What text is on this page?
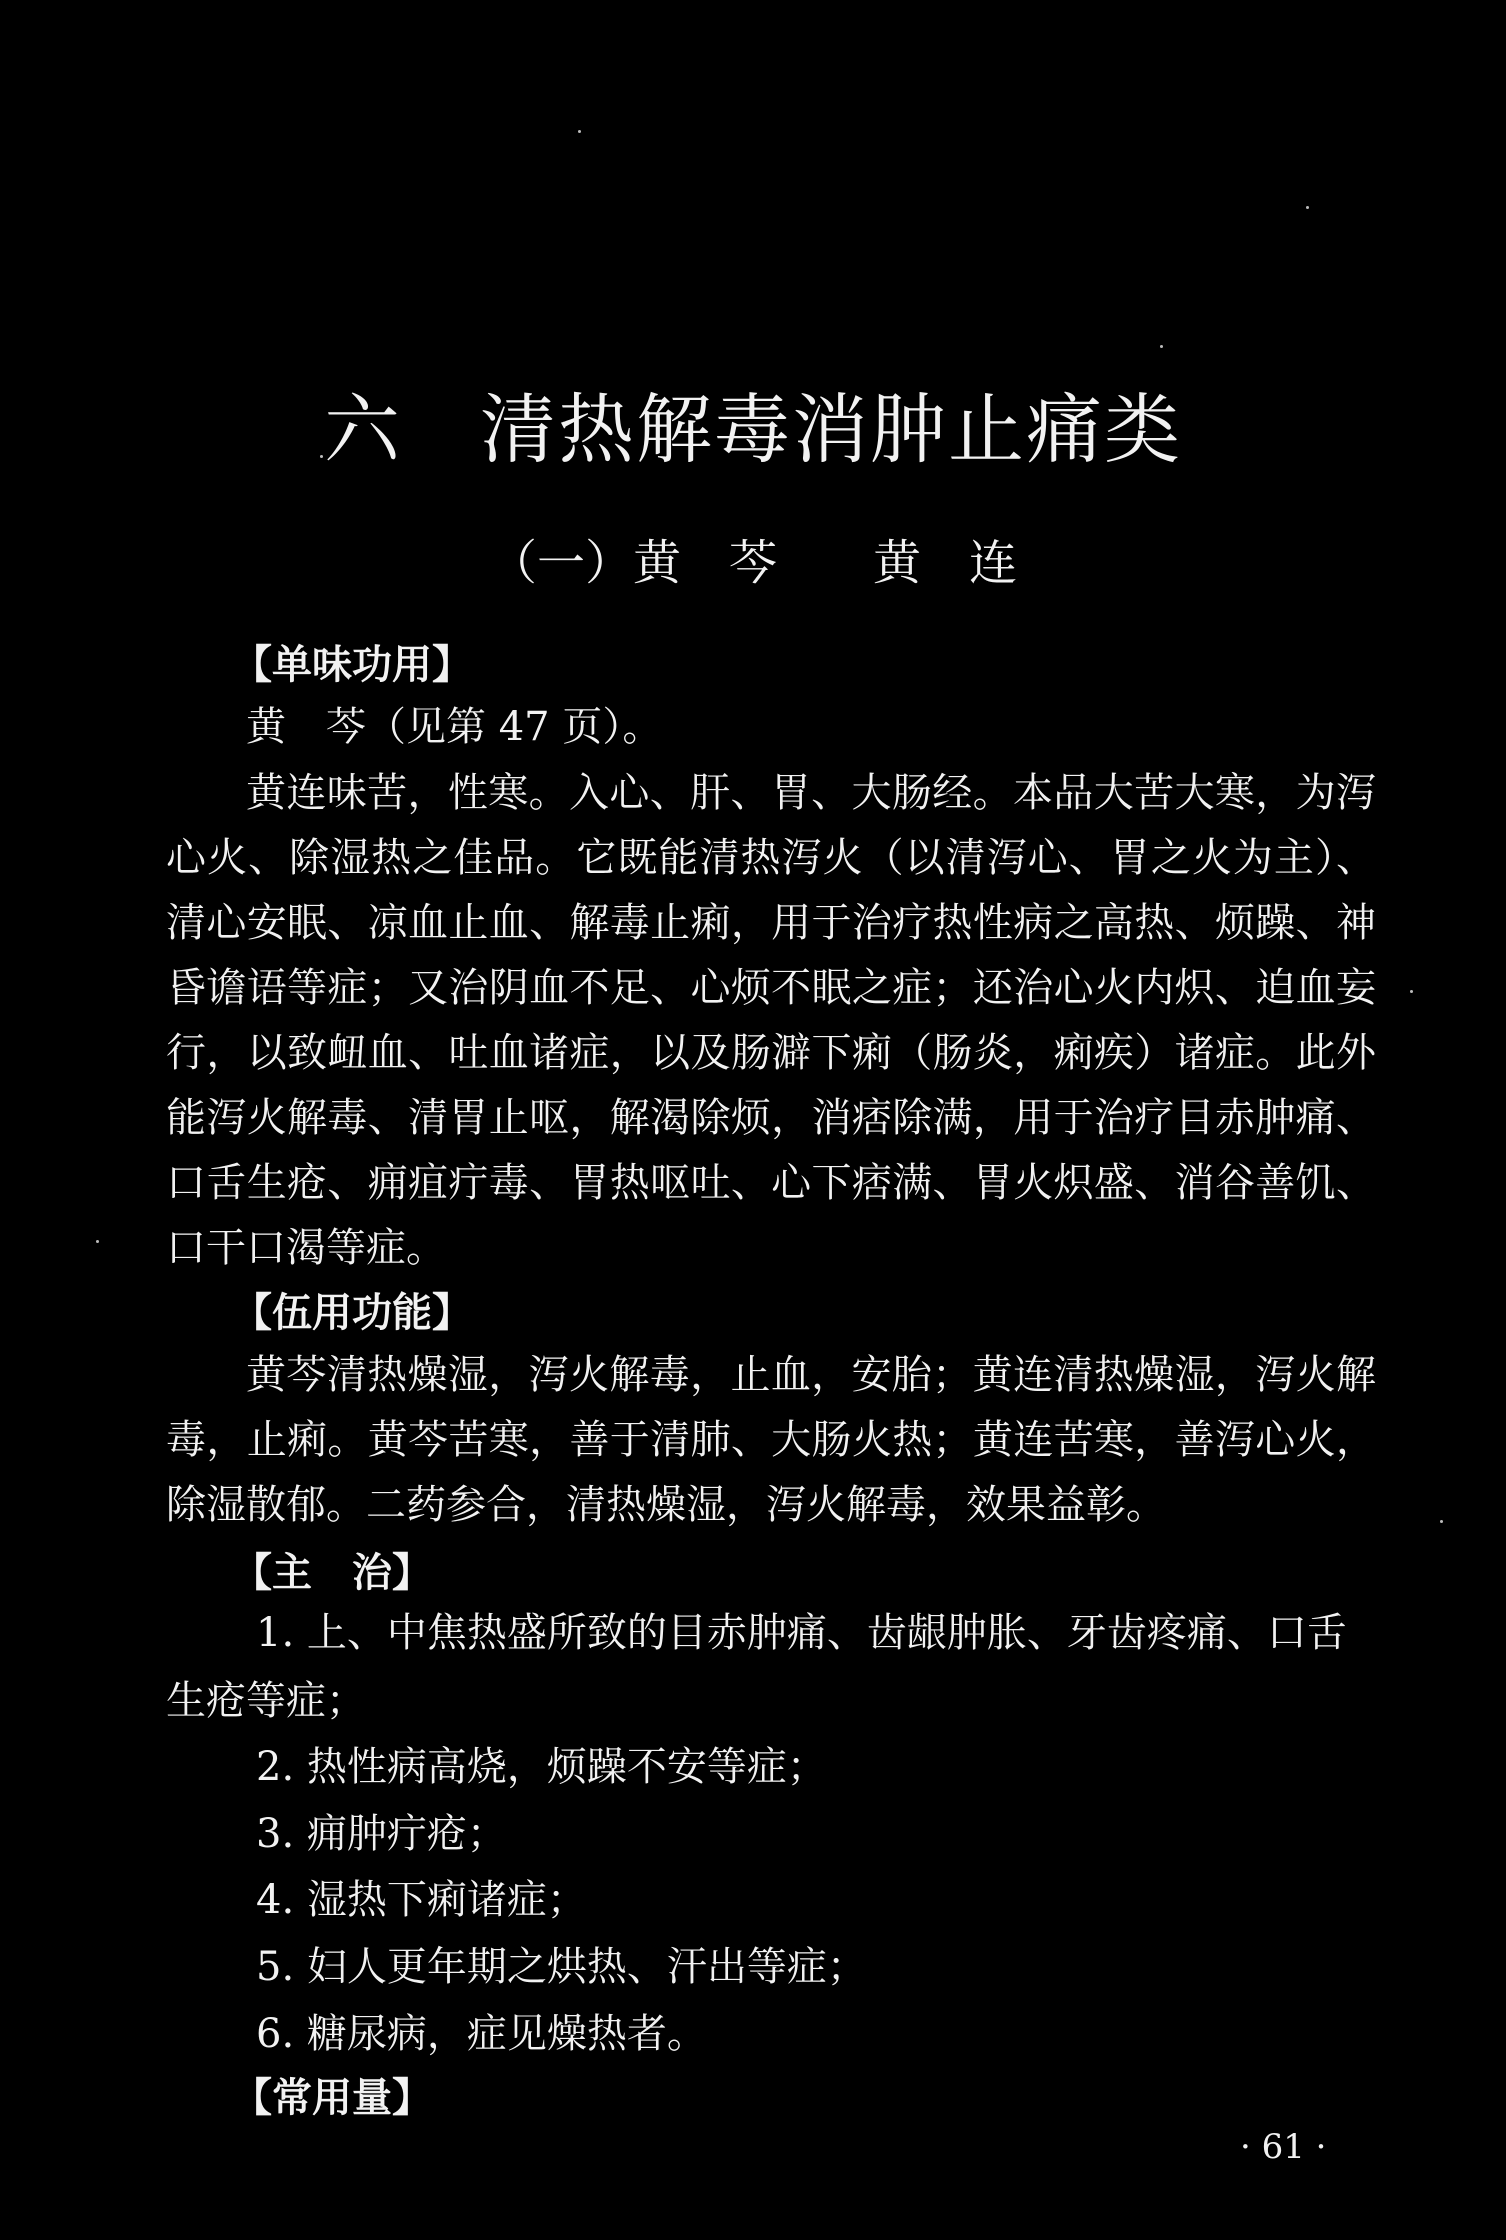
六　清热解毒消肿止痛类
（一）黄　芩　　黄　连
【单味功用】
黄　芩（见第 47 页）。
黄连味苦，性寒。入心、肝、胃、大肠经。本品大苦大寒，为泻心火、除湿热之佳品。它既能清热泻火（以清泻心、胃之火为主）、清心安眠、凉血止血、解毒止痢，用于治疗热性病之高热、烦躁、神昏谵语等症；又治阴血不足、心烦不眠之症；还治心火内炽、迫血妄行，以致衄血、吐血诸症，以及肠澼下痢（肠炎，痢疾）诸症。此外能泻火解毒、清胃止呕，解渴除烦，消痞除满，用于治疗目赤肿痛、口舌生疮、痈疽疔毒、胃热呕吐、心下痞满、胃火炽盛、消谷善饥、口干口渴等症。
【伍用功能】
黄芩清热燥湿，泻火解毒，止血，安胎；黄连清热燥湿，泻火解毒，止痢。黄芩苦寒，善于清肺、大肠火热；黄连苦寒，善泻心火，除湿散郁。二药参合，清热燥湿，泻火解毒，效果益彰。
【主　治】
1. 上、中焦热盛所致的目赤肿痛、齿龈肿胀、牙齿疼痛、口舌生疮等症；
2. 热性病高烧，烦躁不安等症；
3. 痈肿疔疮；
4. 湿热下痢诸症；
5. 妇人更年期之烘热、汗出等症；
6. 糖尿病，症见燥热者。
【常用量】
· 61 ·
